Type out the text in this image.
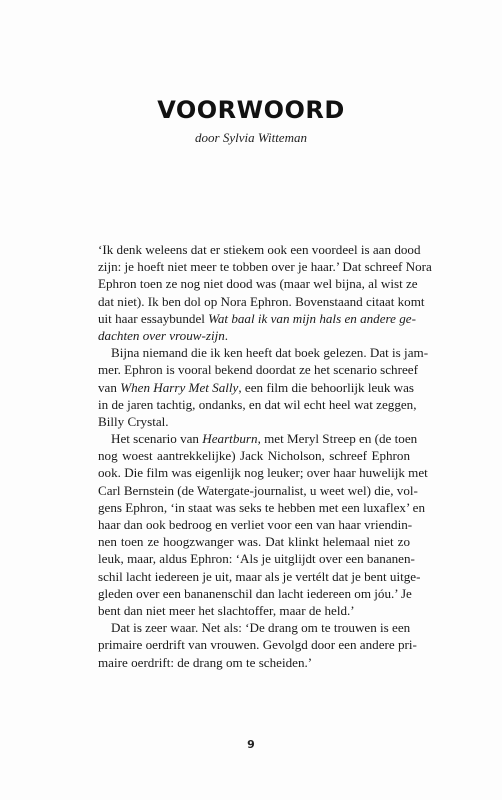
VOORWOORD
door Sylvia Witteman
‘Ik denk weleens dat er stiekem ook een voordeel is aan dood
zijn: je hoeft niet meer te tobben over je haar.’ Dat schreef Nora
Ephron toen ze nog niet dood was (maar wel bijna, al wist ze
dat niet). Ik ben dol op Nora Ephron. Bovenstaand citaat komt
uit haar essaybundel Wat baal ik van mijn hals en andere ge-
dachten over vrouw-zijn.
Bijna niemand die ik ken heeft dat boek gelezen. Dat is jam-
mer. Ephron is vooral bekend doordat ze het scenario schreef
van When Harry Met Sally, een film die behoorlijk leuk was
in de jaren tachtig, ondanks, en dat wil echt heel wat zeggen,
Billy Crystal.
Het scenario van Heartburn, met Meryl Streep en (de toen
nog woest aantrekkelijke) Jack Nicholson, schreef Ephron
ook. Die film was eigenlijk nog leuker; over haar huwelijk met
Carl Bernstein (de Watergate-journalist, u weet wel) die, vol-
gens Ephron, ‘in staat was seks te hebben met een luxaflex’ en
haar dan ook bedroog en verliet voor een van haar vriendin-
nen toen ze hoogzwanger was. Dat klinkt helemaal niet zo
leuk, maar, aldus Ephron: ‘Als je uitglijdt over een bananen-
schil lacht iedereen je uit, maar als je vertélt dat je bent uitge-
gleden over een bananenschil dan lacht iedereen om jóu.’ Je
bent dan niet meer het slachtoffer, maar de held.’
Dat is zeer waar. Net als: ‘De drang om te trouwen is een
primaire oerdrift van vrouwen. Gevolgd door een andere pri-
maire oerdrift: de drang om te scheiden.’
9
